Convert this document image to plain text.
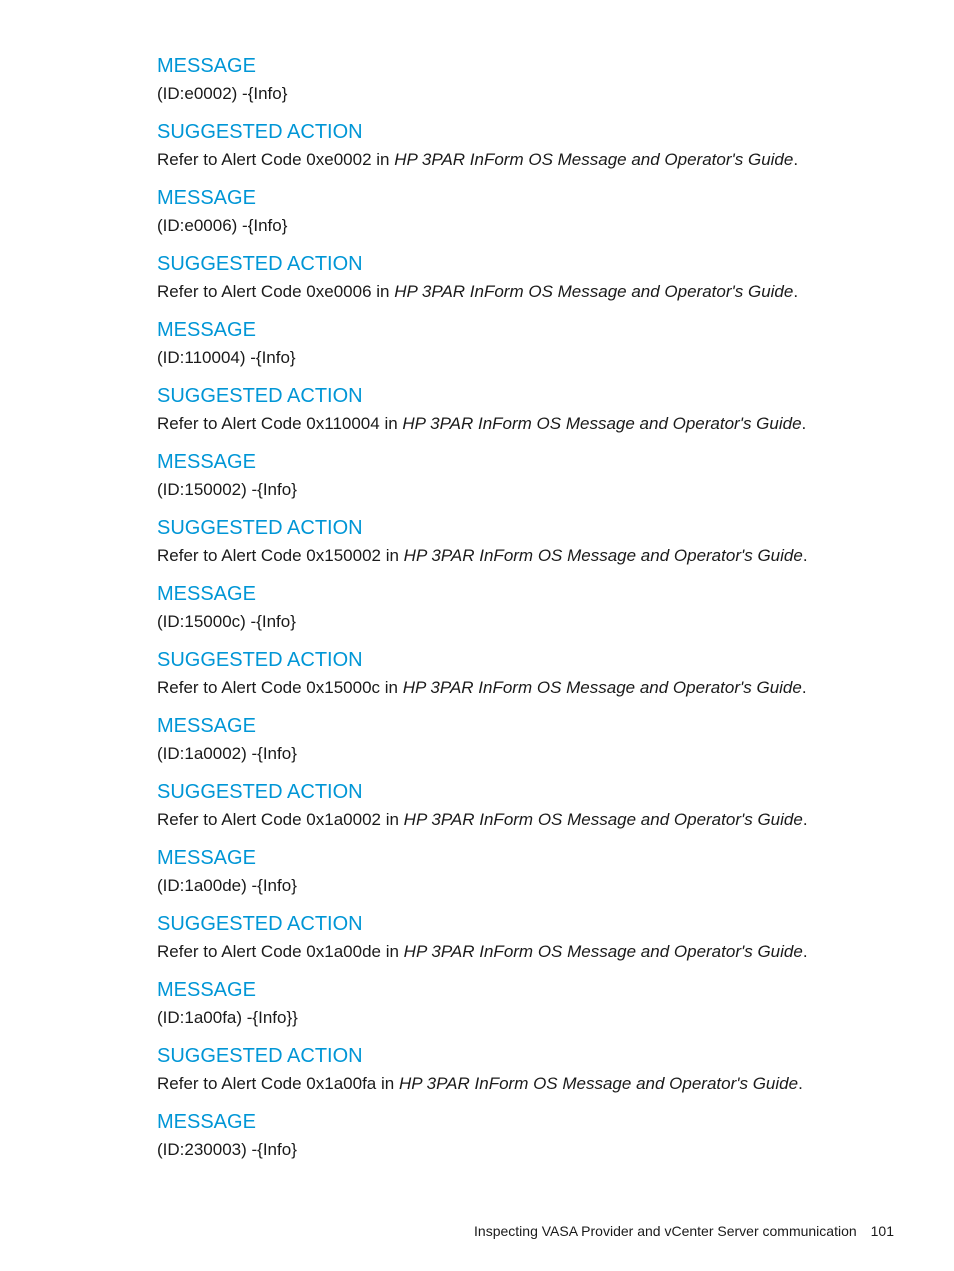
MESSAGE
(ID:e0002) -{Info}
SUGGESTED ACTION
Refer to Alert Code 0xe0002 in HP 3PAR InForm OS Message and Operator's Guide.
MESSAGE
(ID:e0006) -{Info}
SUGGESTED ACTION
Refer to Alert Code 0xe0006 in HP 3PAR InForm OS Message and Operator's Guide.
MESSAGE
(ID:110004) -{Info}
SUGGESTED ACTION
Refer to Alert Code 0x110004 in HP 3PAR InForm OS Message and Operator's Guide.
MESSAGE
(ID:150002) -{Info}
SUGGESTED ACTION
Refer to Alert Code 0x150002 in HP 3PAR InForm OS Message and Operator's Guide.
MESSAGE
(ID:15000c) -{Info}
SUGGESTED ACTION
Refer to Alert Code 0x15000c in HP 3PAR InForm OS Message and Operator's Guide.
MESSAGE
(ID:1a0002) -{Info}
SUGGESTED ACTION
Refer to Alert Code 0x1a0002 in HP 3PAR InForm OS Message and Operator's Guide.
MESSAGE
(ID:1a00de) -{Info}
SUGGESTED ACTION
Refer to Alert Code 0x1a00de in HP 3PAR InForm OS Message and Operator's Guide.
MESSAGE
(ID:1a00fa) -{Info}}
SUGGESTED ACTION
Refer to Alert Code 0x1a00fa in HP 3PAR InForm OS Message and Operator's Guide.
MESSAGE
(ID:230003) -{Info}
Inspecting VASA Provider and vCenter Server communication 101
